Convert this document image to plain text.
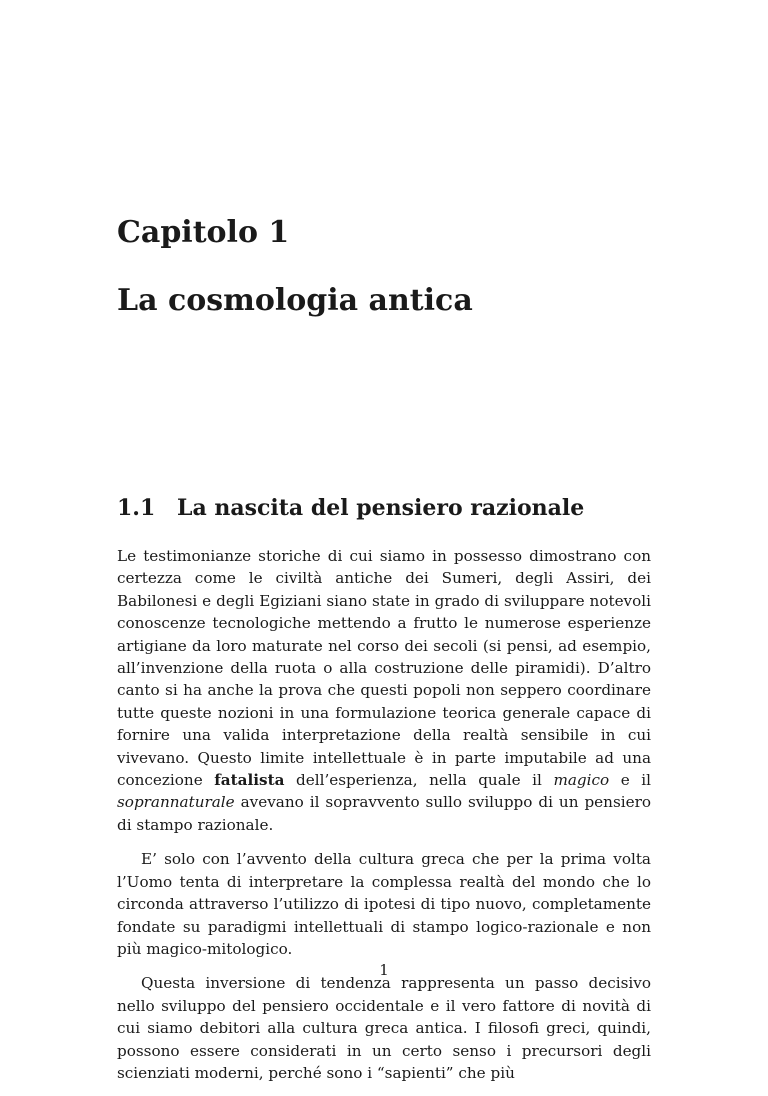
Capitolo 1
La cosmologia antica
1.1 La nascita del pensiero razionale

Le testimonianze storiche di cui siamo in possesso dimostrano con certezza come le civiltà antiche dei Sumeri, degli Assiri, dei Babilonesi e degli Egiziani siano state in grado di sviluppare notevoli conoscenze tecnologiche mettendo a frutto le numerose esperienze artigiane da loro maturate nel corso dei secoli (si pensi, ad esempio, all’invenzione della ruota o alla costruzione delle piramidi). D’altro canto si ha anche la prova che questi popoli non seppero coordinare tutte queste nozioni in una formulazione teorica generale capace di fornire una valida interpretazione della realtà sensibile in cui vivevano. Questo limite intellettuale è in parte imputabile ad una concezione fatalista dell’esperienza, nella quale il magico e il soprannaturale avevano il sopravvento sullo sviluppo di un pensiero di stampo razionale.

E’ solo con l’avvento della cultura greca che per la prima volta l’Uomo tenta di interpretare la complessa realtà del mondo che lo circonda attraverso l’utilizzo di ipotesi di tipo nuovo, completamente fondate su paradigmi intellettuali di stampo logico-razionale e non più magico-mitologico.

Questa inversione di tendenza rappresenta un passo decisivo nello sviluppo del pensiero occidentale e il vero fattore di novità di cui siamo debitori alla cultura greca antica. I filosofi greci, quindi, possono essere considerati in un certo senso i precursori degli scienziati moderni, perché sono i “sapienti” che più

1
